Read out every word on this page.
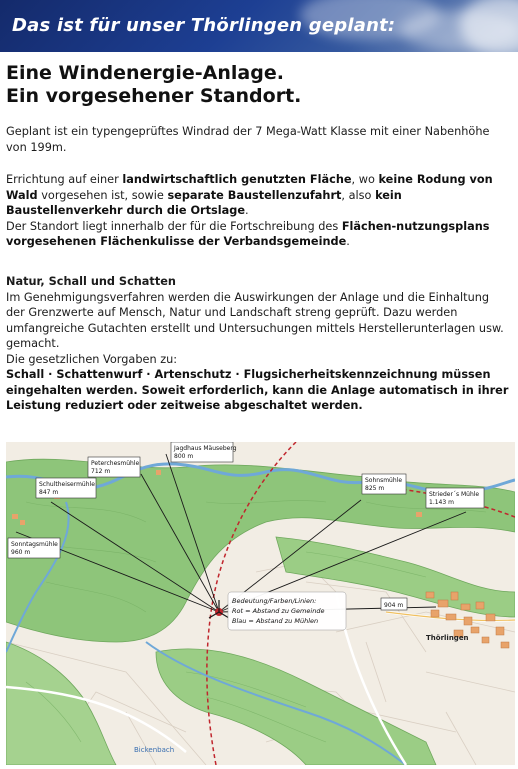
Das ist für unser Thörlingen geplant:
Eine Windenergie-Anlage.
Ein vorgesehener Standort.
Geplant ist ein typengeprüftes Windrad der 7 Mega-Watt Klasse mit einer Nabenhöhe von 199m.
Errichtung auf einer landwirtschaftlich genutzten Fläche, wo keine Rodung von Wald vorgesehen ist, sowie separate Baustellenzufahrt, also kein Baustellenverkehr durch die Ortslage.
Der Standort liegt innerhalb der für die Fortschreibung des Flächen-nutzungsplans vorgesehenen Flächenkulisse der Verbandsgemeinde.
Natur, Schall und Schatten
Im Genehmigungsverfahren werden die Auswirkungen der Anlage und die Einhaltung der Grenzwerte auf Mensch, Natur und Landschaft streng geprüft. Dazu werden umfangreiche Gutachten erstellt und Untersuchungen mittels Herstellerunterlagen usw. gemacht.
Die gesetzlichen Vorgaben zu:
Schall · Schattenwurf · Artenschutz · Flugsicherheitskennzeichnung müssen eingehalten werden. Soweit erforderlich, kann die Anlage automatisch in ihrer Leistung reduziert oder zeitweise abgeschaltet werden.
Jagdhaus Mäuseberg
800 m
Peterchesmühle
712 m
Schultheisermühle
847 m
Sonntagsmühle
960 m
Sohnsmühle
825 m
Strieder´s Mühle
1.143 m
904 m
Thörlingen
Bickenbach
Bedeutung/Farben/Linien:
Rot = Abstand zu Gemeinde
Blau = Abstand zu Mühlen
